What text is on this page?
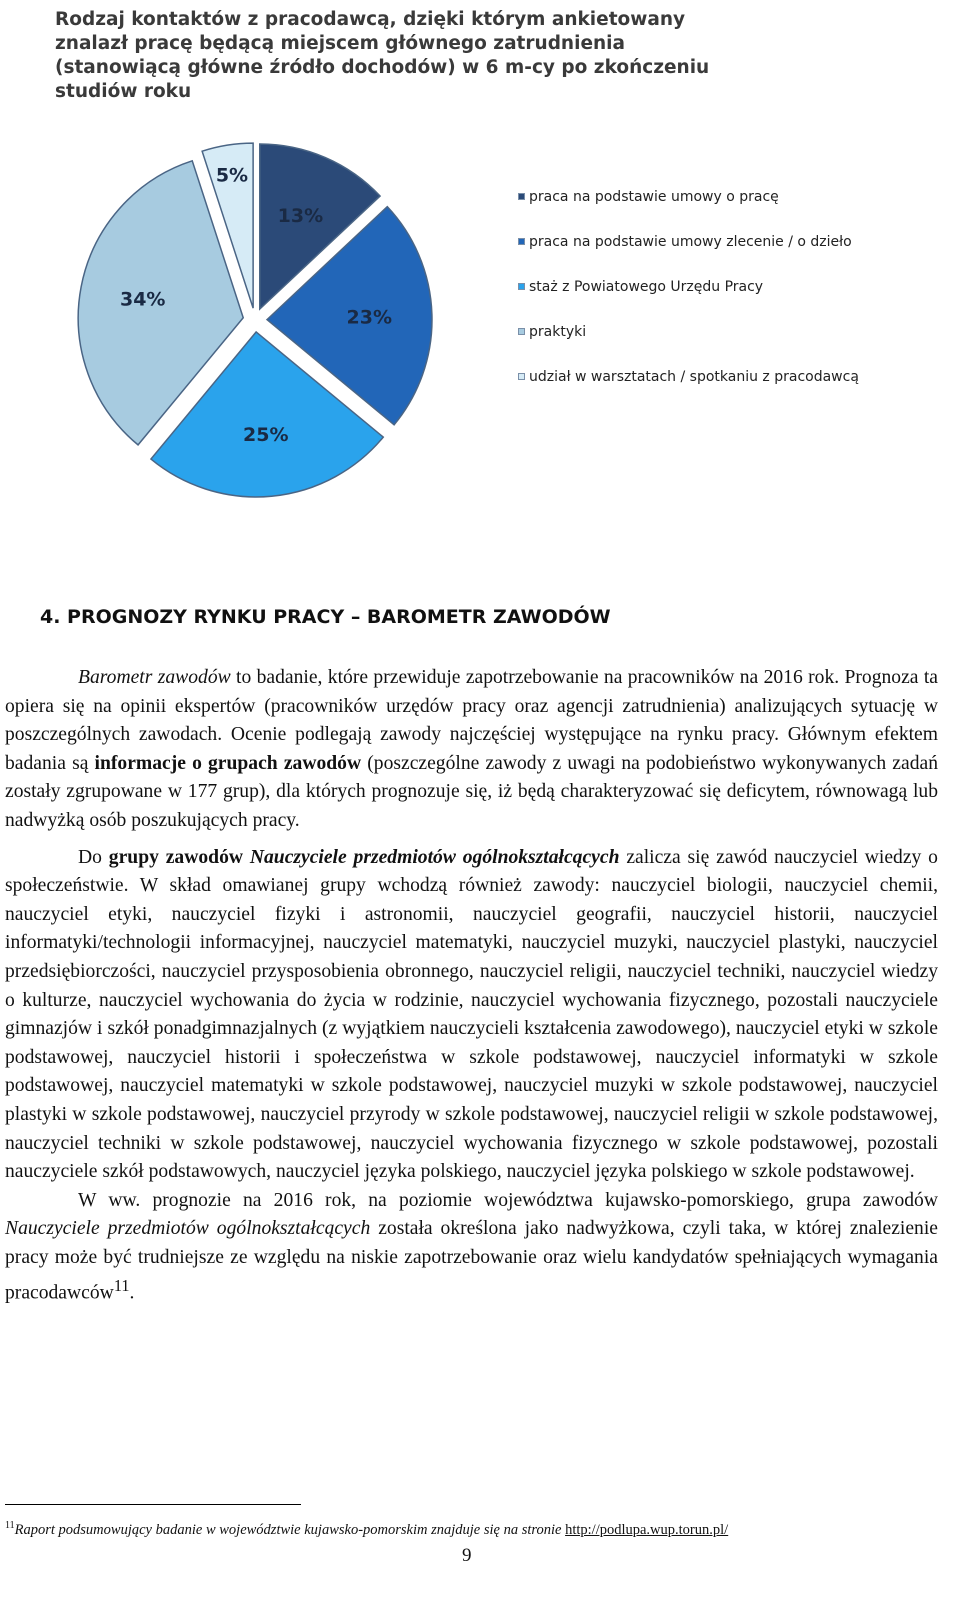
Rodzaj kontaktów z pracodawcą, dzięki którym ankietowany znalazł pracę będącą miejscem głównego zatrudnienia (stanowiącą główne źródło dochodów) w 6 m-cy po zkończeniu studiów roku
13%
23%
25%
34%
5%
praca na podstawie umowy o pracę
praca na podstawie umowy zlecenie / o dzieło
staż z Powiatowego Urzędu Pracy
praktyki
udział w warsztatach / spotkaniu z pracodawcą
4. PROGNOZY RYNKU PRACY – BAROMETR ZAWODÓW

Barometr zawodów to badanie, które przewiduje zapotrzebowanie na pracowników na 2016 rok. Prognoza ta opiera się na opinii ekspertów (pracowników urzędów pracy oraz agencji zatrudnienia) analizujących sytuację w poszczególnych zawodach. Ocenie podlegają zawody najczęściej występujące na rynku pracy. Głównym efektem badania są informacje o grupach zawodów (poszczególne zawody z uwagi na podobieństwo wykonywanych zadań zostały zgrupowane w 177 grup), dla których prognozuje się, iż będą charakteryzować się deficytem, równowagą lub nadwyżką osób poszukujących pracy.

Do grupy zawodów Nauczyciele przedmiotów ogólnokształcących zalicza się zawód nauczyciel wiedzy o społeczeństwie. W skład omawianej grupy wchodzą również zawody: nauczyciel biologii, nauczyciel chemii, nauczyciel etyki, nauczyciel fizyki i astronomii, nauczyciel geografii, nauczyciel historii, nauczyciel informatyki/technologii informacyjnej, nauczyciel matematyki, nauczyciel muzyki, nauczyciel plastyki, nauczyciel przedsiębiorczości, nauczyciel przysposobienia obronnego, nauczyciel religii, nauczyciel techniki, nauczyciel wiedzy o kulturze, nauczyciel wychowania do życia w rodzinie, nauczyciel wychowania fizycznego, pozostali nauczyciele gimnazjów i szkół ponadgimnazjalnych (z wyjątkiem nauczycieli kształcenia zawodowego), nauczyciel etyki w szkole podstawowej, nauczyciel historii i społeczeństwa w szkole podstawowej, nauczyciel informatyki w szkole podstawowej, nauczyciel matematyki w szkole podstawowej, nauczyciel muzyki w szkole podstawowej, nauczyciel plastyki w szkole podstawowej, nauczyciel przyrody w szkole podstawowej, nauczyciel religii w szkole podstawowej, nauczyciel techniki w szkole podstawowej, nauczyciel wychowania fizycznego w szkole podstawowej, pozostali nauczyciele szkół podstawowych, nauczyciel języka polskiego, nauczyciel języka polskiego w szkole podstawowej.

W ww. prognozie na 2016 rok, na poziomie województwa kujawsko-pomorskiego, grupa zawodów Nauczyciele przedmiotów ogólnokształcących została określona jako nadwyżkowa, czyli taka, w której znalezienie pracy może być trudniejsze ze względu na niskie zapotrzebowanie oraz wielu kandydatów spełniających wymagania pracodawców$^{11}$.

$^{11}$Raport podsumowujący badanie w województwie kujawsko-pomorskim znajduje się na stronie http://podlupa.wup.torun.pl/
9
